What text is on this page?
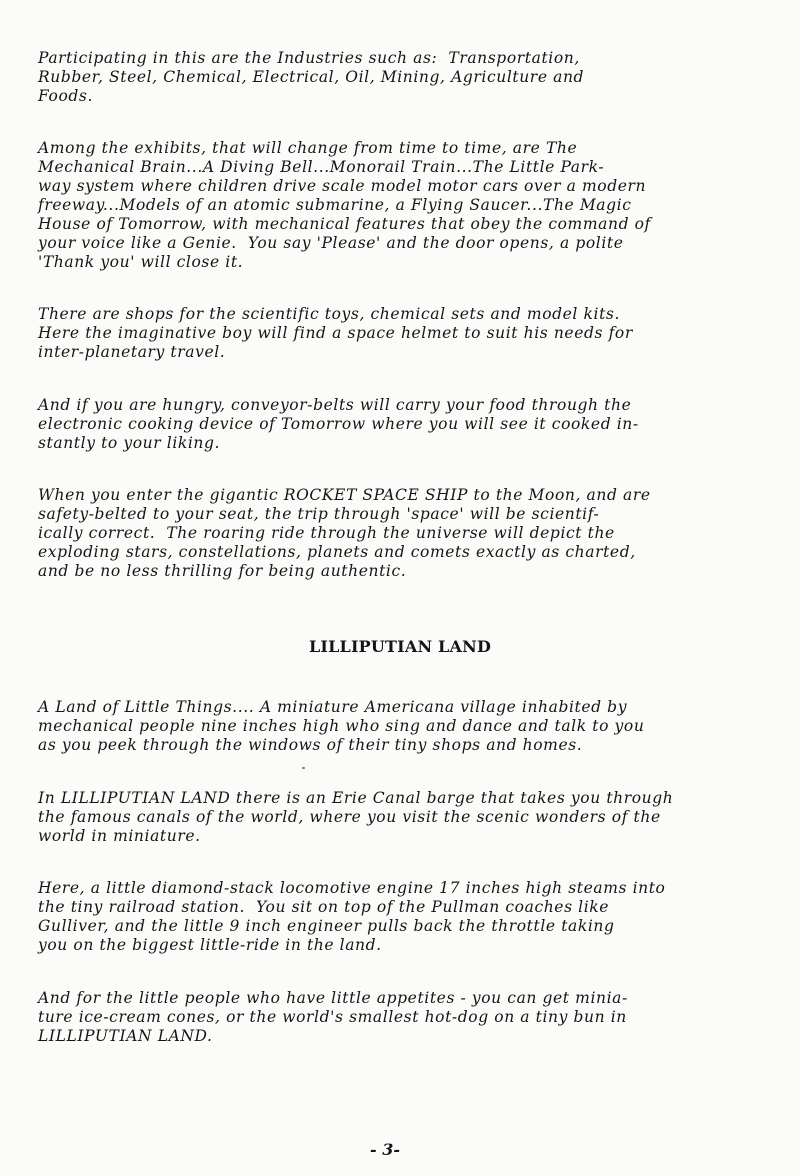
Participating in this are the Industries such as:  Transportation,
Rubber, Steel, Chemical, Electrical, Oil, Mining, Agriculture and
Foods.

Among the exhibits, that will change from time to time, are The
Mechanical Brain...A Diving Bell...Monorail Train...The Little Park-
way system where children drive scale model motor cars over a modern
freeway...Models of an atomic submarine, a Flying Saucer...The Magic
House of Tomorrow, with mechanical features that obey the command of
your voice like a Genie.  You say 'Please' and the door opens, a polite
'Thank you' will close it.

There are shops for the scientific toys, chemical sets and model kits.
Here the imaginative boy will find a space helmet to suit his needs for
inter-planetary travel.

And if you are hungry, conveyor-belts will carry your food through the
electronic cooking device of Tomorrow where you will see it cooked in-
stantly to your liking.

When you enter the gigantic ROCKET SPACE SHIP to the Moon, and are
safety-belted to your seat, the trip through 'space' will be scientif-
ically correct.  The roaring ride through the universe will depict the
exploding stars, constellations, planets and comets exactly as charted,
and be no less thrilling for being authentic.

LILLIPUTIAN LAND

A Land of Little Things.... A miniature Americana village inhabited by
mechanical people nine inches high who sing and dance and talk to you
as you peek through the windows of their tiny shops and homes.

In LILLIPUTIAN LAND there is an Erie Canal barge that takes you through
the famous canals of the world, where you visit the scenic wonders of the
world in miniature.

Here, a little diamond-stack locomotive engine 17 inches high steams into
the tiny railroad station.  You sit on top of the Pullman coaches like
Gulliver, and the little 9 inch engineer pulls back the throttle taking
you on the biggest little-ride in the land.

And for the little people who have little appetites - you can get minia-
ture ice-cream cones, or the world's smallest hot-dog on a tiny bun in
LILLIPUTIAN LAND.

- 3-
